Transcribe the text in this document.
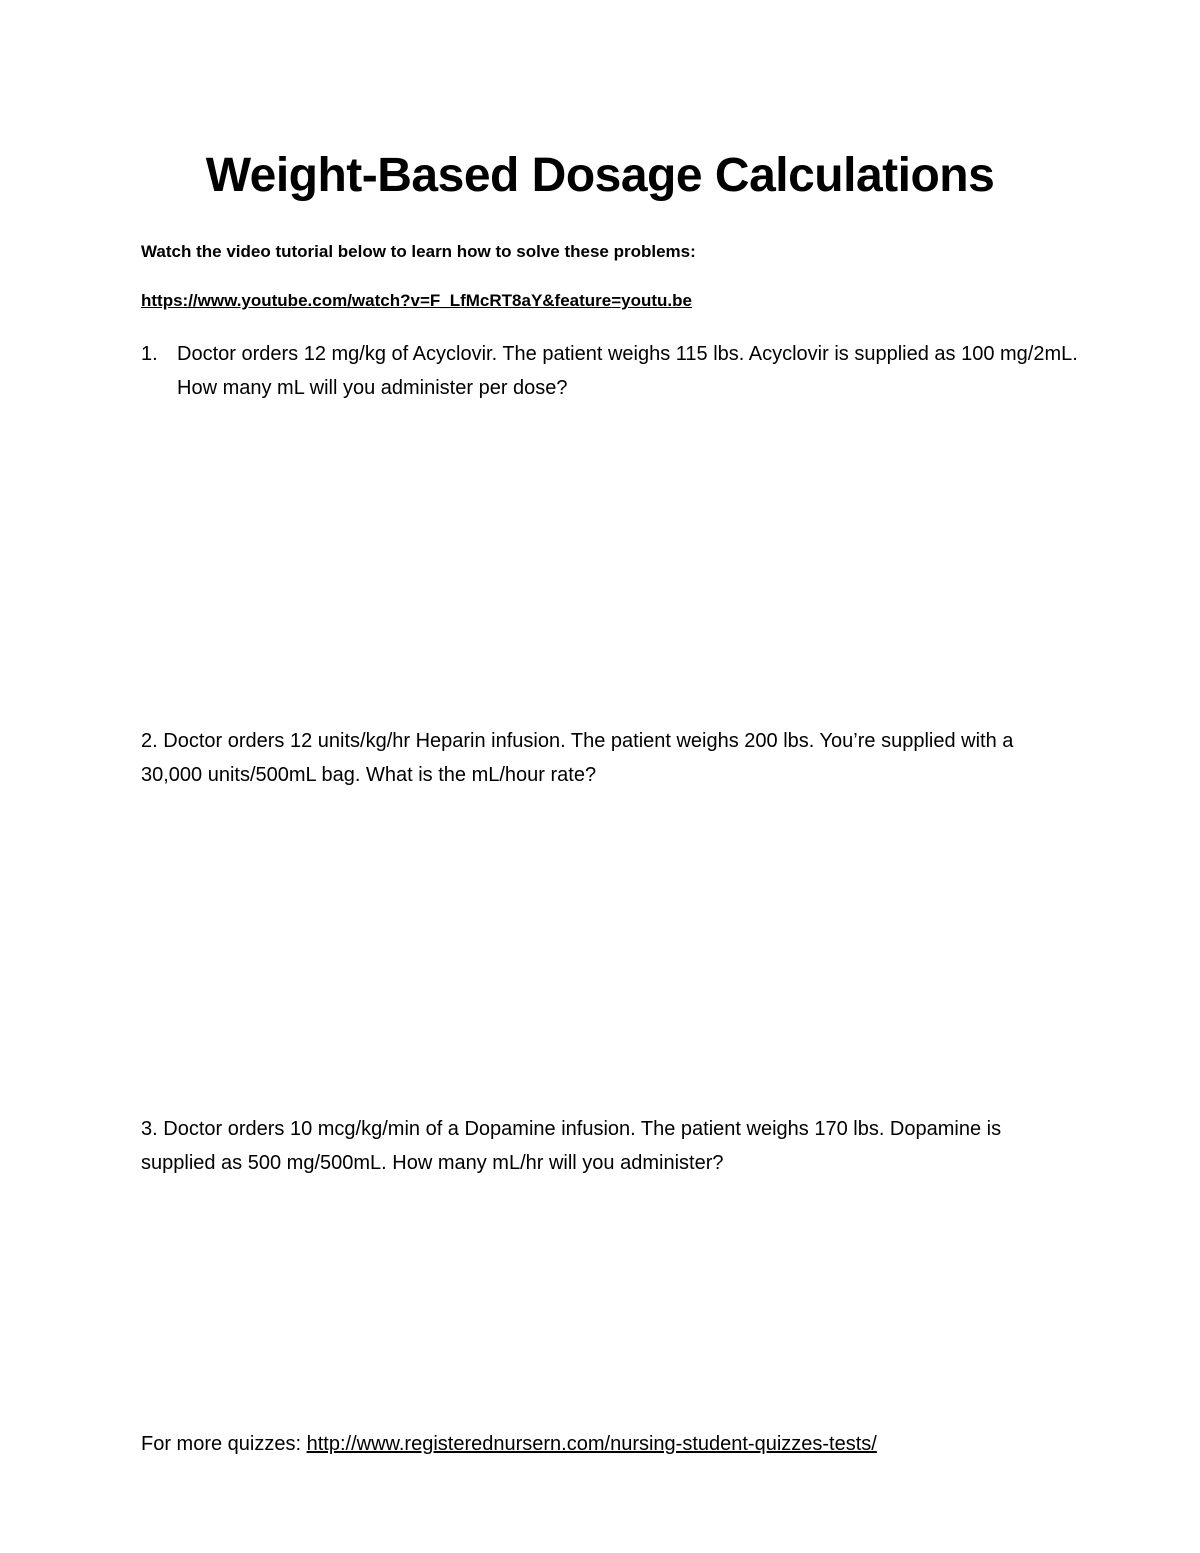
Weight-Based Dosage Calculations

Watch the video tutorial below to learn how to solve these problems:

https://www.youtube.com/watch?v=F_LfMcRT8aY&feature=youtu.be
1. Doctor orders 12 mg/kg of Acyclovir. The patient weighs 115 lbs. Acyclovir is supplied as 100 mg/2mL. How many mL will you administer per dose?

2. Doctor orders 12 units/kg/hr Heparin infusion. The patient weighs 200 lbs. You’re supplied with a 30,000 units/500mL bag. What is the mL/hour rate?

3. Doctor orders 10 mcg/kg/min of a Dopamine infusion. The patient weighs 170 lbs. Dopamine is supplied as 500 mg/500mL. How many mL/hr will you administer?

For more quizzes: http://www.registerednursern.com/nursing-student-quizzes-tests/
